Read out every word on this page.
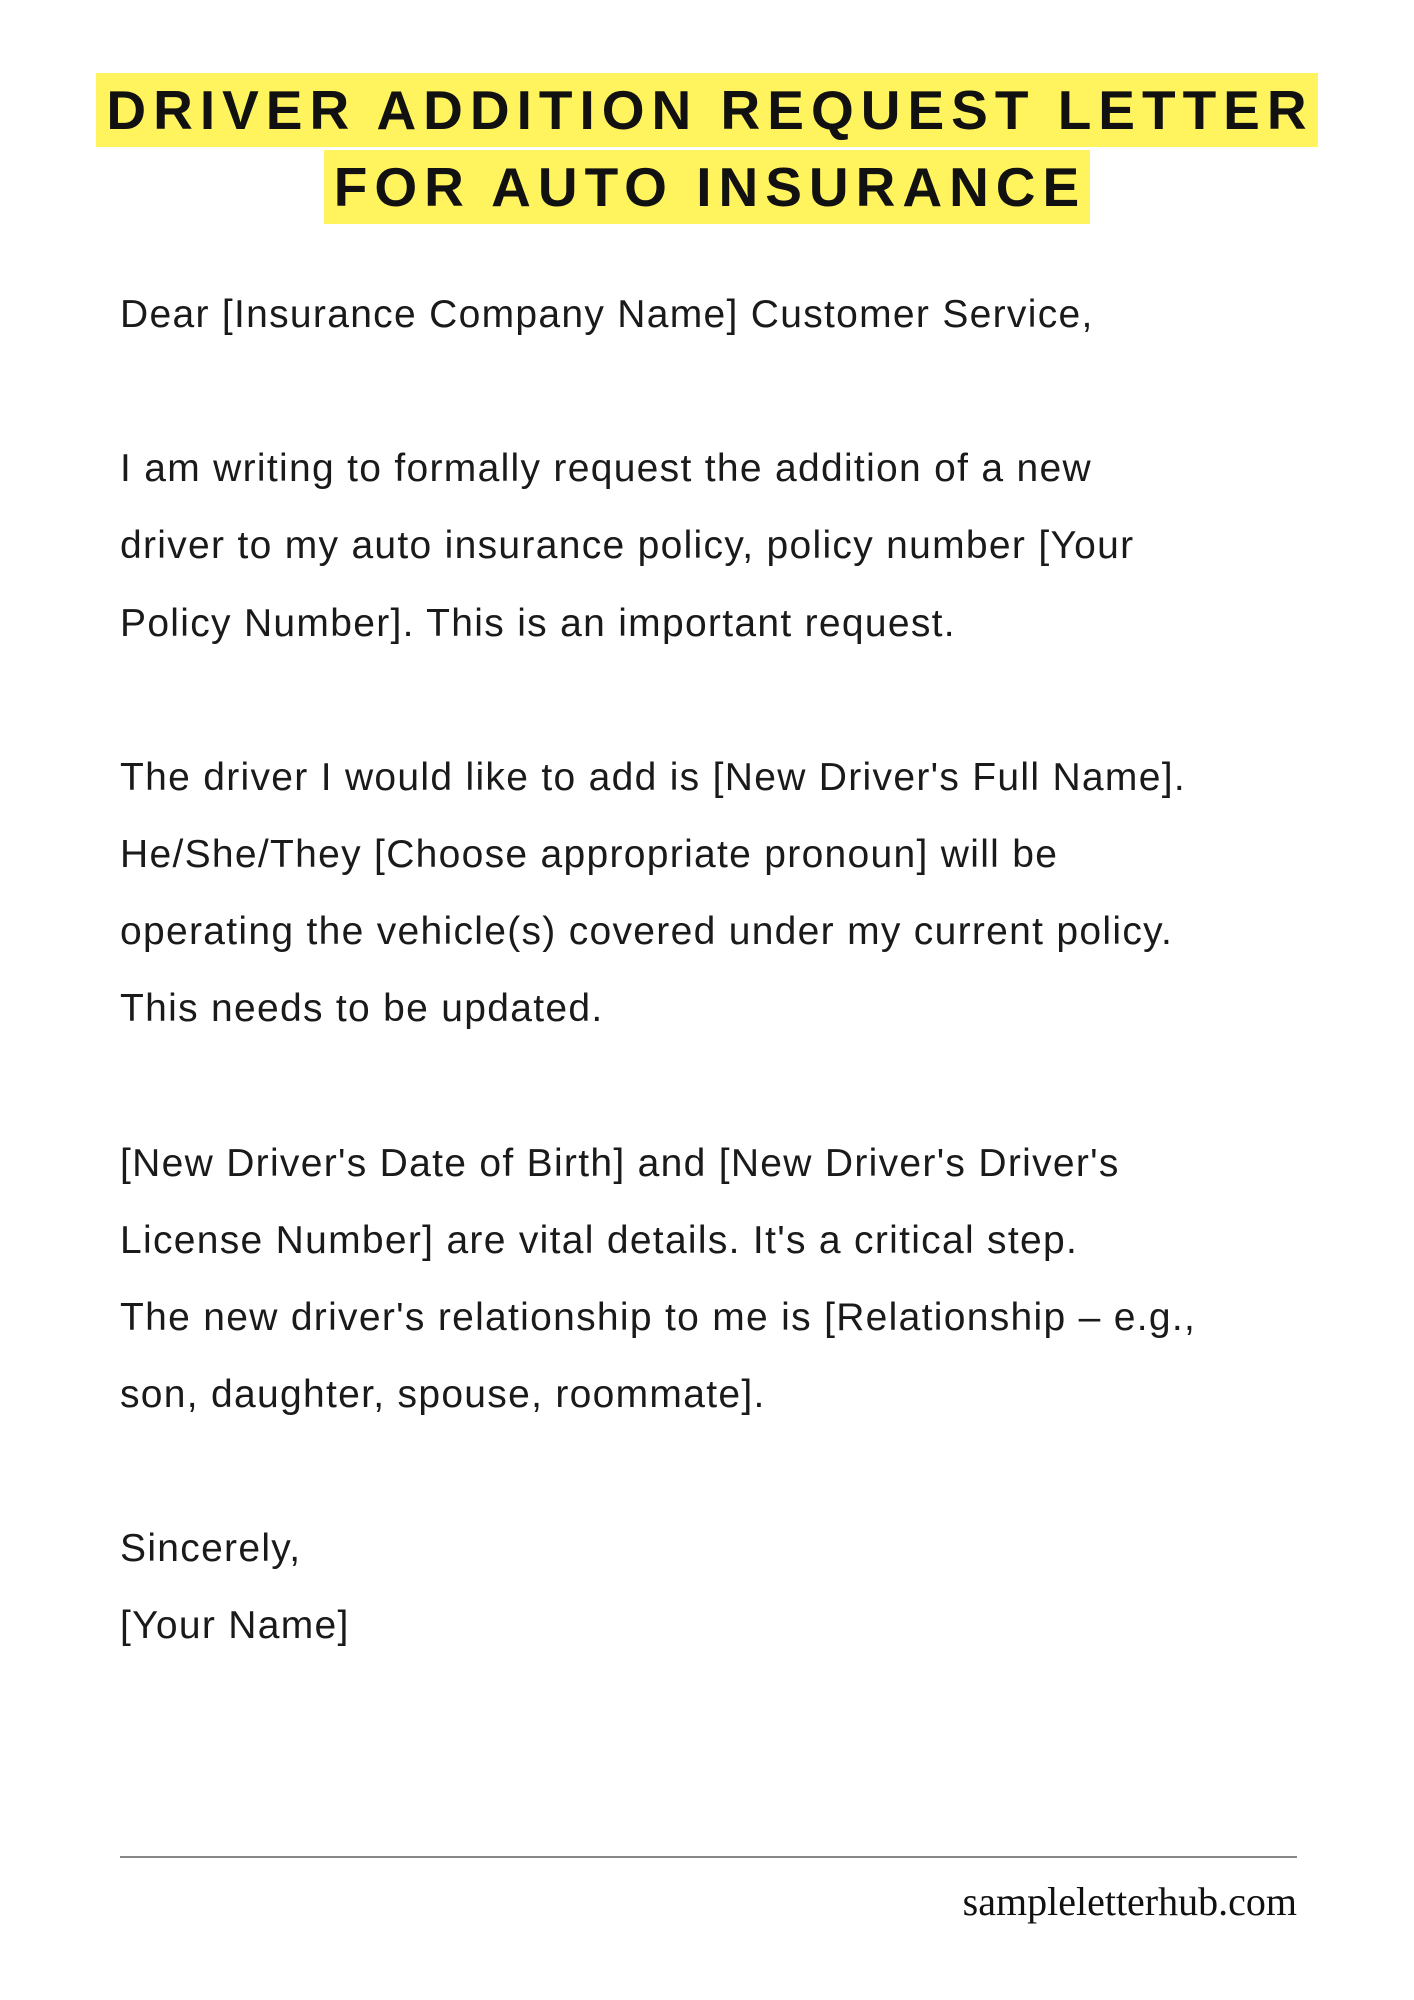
DRIVER ADDITION REQUEST LETTER
FOR AUTO INSURANCE
Dear [Insurance Company Name] Customer Service,
I am writing to formally request the addition of a new
driver to my auto insurance policy, policy number [Your
Policy Number]. This is an important request.
The driver I would like to add is [New Driver's Full Name].
He/She/They [Choose appropriate pronoun] will be
operating the vehicle(s) covered under my current policy.
This needs to be updated.
[New Driver's Date of Birth] and [New Driver's Driver's
License Number] are vital details. It's a critical step.
The new driver's relationship to me is [Relationship – e.g.,
son, daughter, spouse, roommate].
Sincerely,
[Your Name]
sampleletterhub.com
